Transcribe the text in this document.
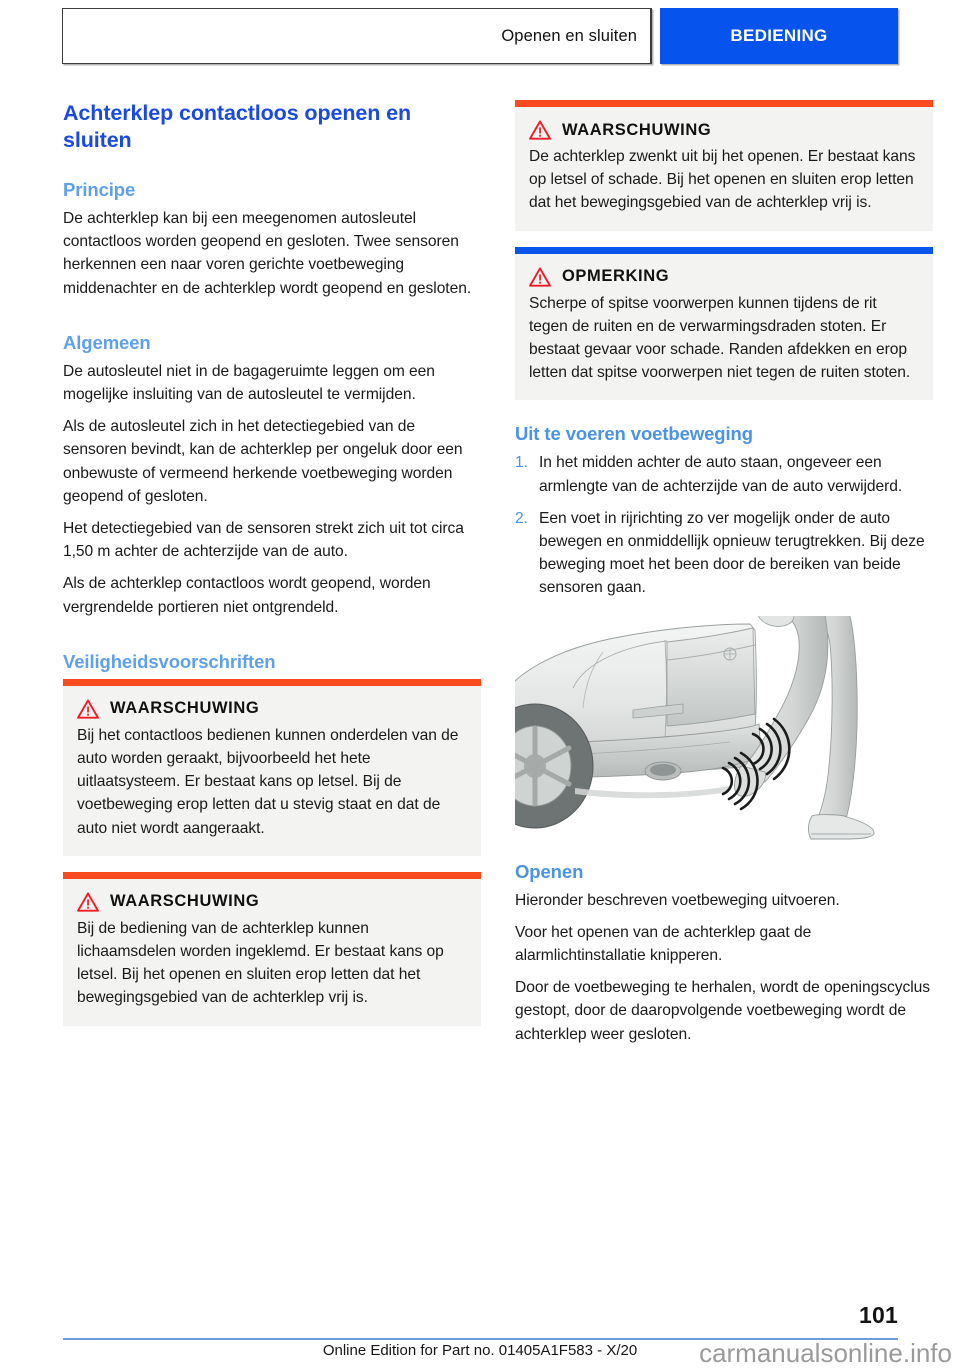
Openen en sluiten	BEDIENING
Achterklep contactloos openen en sluiten
Principe

De achterklep kan bij een meegenomen autosleutel contactloos worden geopend en gesloten. Twee sensoren herkennen een naar voren gerichte voetbeweging middenachter en de achterklep wordt geopend en gesloten.

Algemeen

De autosleutel niet in de bagageruimte leggen om een mogelijke insluiting van de autosleutel te vermijden.

Als de autosleutel zich in het detectiegebied van de sensoren bevindt, kan de achterklep per ongeluk door een onbewuste of vermeend herkende voetbeweging worden geopend of gesloten.

Het detectiegebied van de sensoren strekt zich uit tot circa 1,50 m achter de achterzijde van de auto.

Als de achterklep contactloos wordt geopend, worden vergrendelde portieren niet ontgrendeld.

Veiligheidsvoorschriften
WAARSCHUWING
Bij het contactloos bedienen kunnen onderdelen van de auto worden geraakt, bijvoorbeeld het hete uitlaatsysteem. Er bestaat kans op letsel. Bij de voetbeweging erop letten dat u stevig staat en dat de auto niet wordt aangeraakt.
WAARSCHUWING
Bij de bediening van de achterklep kunnen lichaamsdelen worden ingeklemd. Er bestaat kans op letsel. Bij het openen en sluiten erop letten dat het bewegingsgebied van de achterklep vrij is.
WAARSCHUWING
De achterklep zwenkt uit bij het openen. Er bestaat kans op letsel of schade. Bij het openen en sluiten erop letten dat het bewegingsgebied van de achterklep vrij is.
OPMERKING
Scherpe of spitse voorwerpen kunnen tijdens de rit tegen de ruiten en de verwarmingsdraden stoten. Er bestaat gevaar voor schade. Randen afdekken en erop letten dat spitse voorwerpen niet tegen de ruiten stoten.
Uit te voeren voetbeweging
1. In het midden achter de auto staan, ongeveer een armlengte van de achterzijde van de auto verwijderd.
2. Een voet in rijrichting zo ver mogelijk onder de auto bewegen en onmiddellijk opnieuw terugtrekken. Bij deze beweging moet het been door de bereiken van beide sensoren gaan.
Openen

Hieronder beschreven voetbeweging uitvoeren.

Voor het openen van de achterklep gaat de alarmlichtinstallatie knipperen.

Door de voetbeweging te herhalen, wordt de openingscyclus gestopt, door de daaropvolgende voetbeweging wordt de achterklep weer gesloten.

101
Online Edition for Part no. 01405A1F583 - X/20	carmanualsonline.info
